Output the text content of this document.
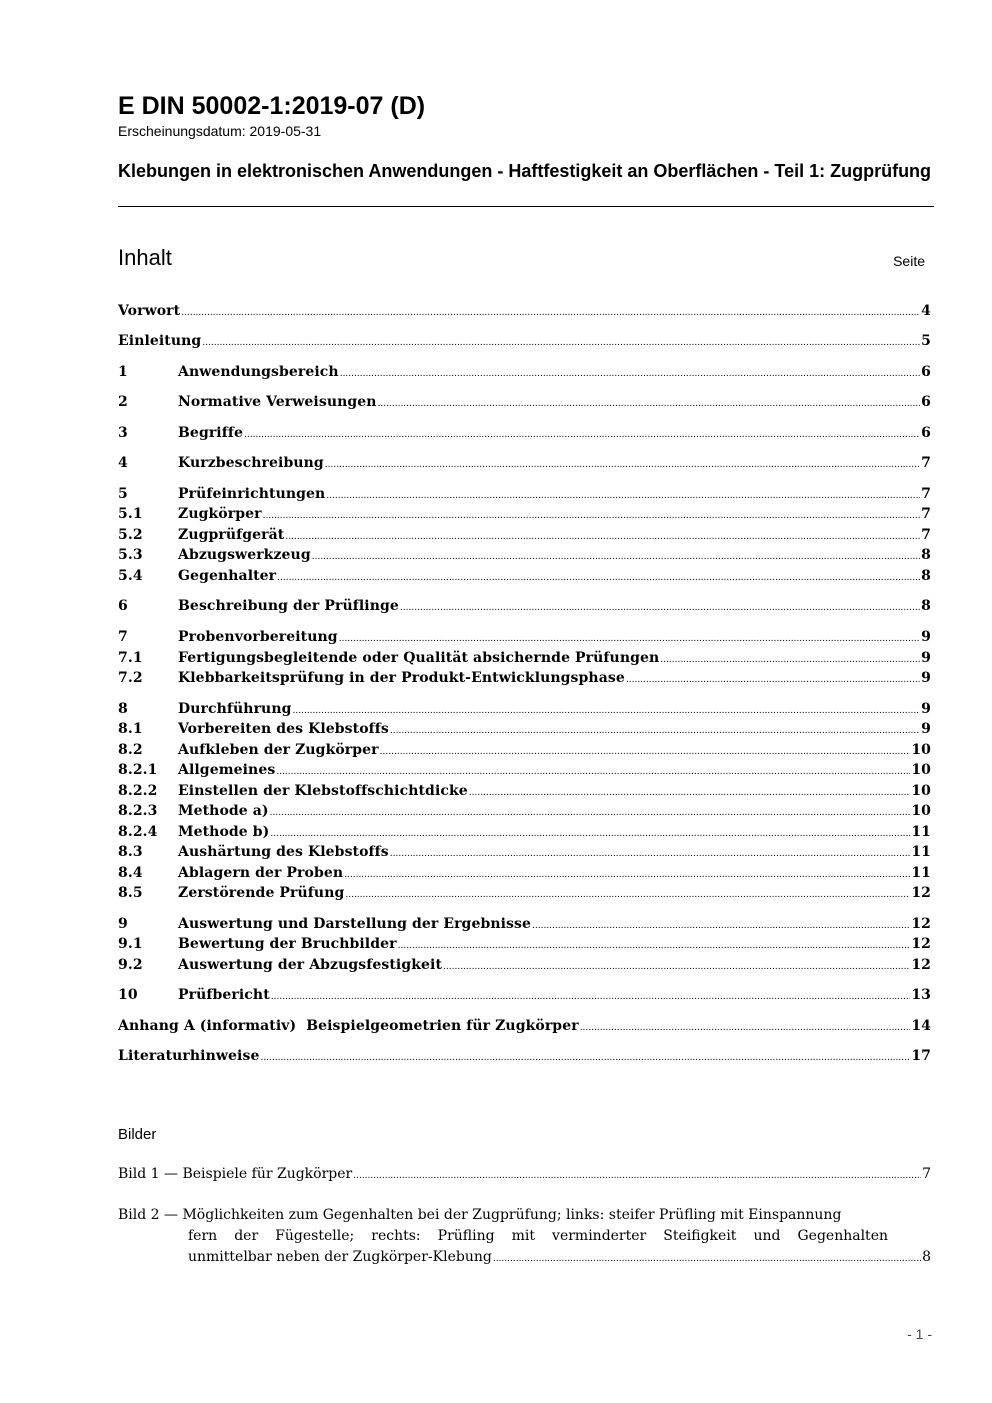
E DIN 50002-1:2019-07 (D)
Erscheinungsdatum: 2019-05-31
Klebungen in elektronischen Anwendungen - Haftfestigkeit an Oberflächen - Teil 1: Zugprüfung
Inhalt	Seite
Vorwort .....	4
Einleitung .....	5
1	Anwendungsbereich .....	6
2	Normative Verweisungen .....	6
3	Begriffe .....	6
4	Kurzbeschreibung .....	7
5	Prüfeinrichtungen .....	7
5.1	Zugkörper .....	7
5.2	Zugprüfgerät .....	7
5.3	Abzugswerkzeug .....	8
5.4	Gegenhalter .....	8
6	Beschreibung der Prüflinge .....	8
7	Probenvorbereitung .....	9
7.1	Fertigungsbegleitende oder Qualität absichernde Prüfungen .....	9
7.2	Klebbarkeitsprüfung in der Produkt-Entwicklungsphase .....	9
8	Durchführung .....	9
8.1	Vorbereiten des Klebstoffs .....	9
8.2	Aufkleben der Zugkörper .....	10
8.2.1	Allgemeines .....	10
8.2.2	Einstellen der Klebstoffschichtdicke .....	10
8.2.3	Methode a) .....	10
8.2.4	Methode b) .....	11
8.3	Aushärtung des Klebstoffs .....	11
8.4	Ablagern der Proben .....	11
8.5	Zerstörende Prüfung .....	12
9	Auswertung und Darstellung der Ergebnisse .....	12
9.1	Bewertung der Bruchbilder .....	12
9.2	Auswertung der Abzugsfestigkeit .....	12
10	Prüfbericht .....	13
Anhang A (informativ)  Beispielgeometrien für Zugkörper .....	14
Literaturhinweise .....	17
Bilder
Bild 1 — Beispiele für Zugkörper .....	7
Bild 2 — Möglichkeiten zum Gegenhalten bei der Zugprüfung; links: steifer Prüfling mit Einspannung
fern der Fügestelle; rechts: Prüfling mit verminderter Steifigkeit und Gegenhalten
unmittelbar neben der Zugkörper-Klebung .....	8
- 1 -
